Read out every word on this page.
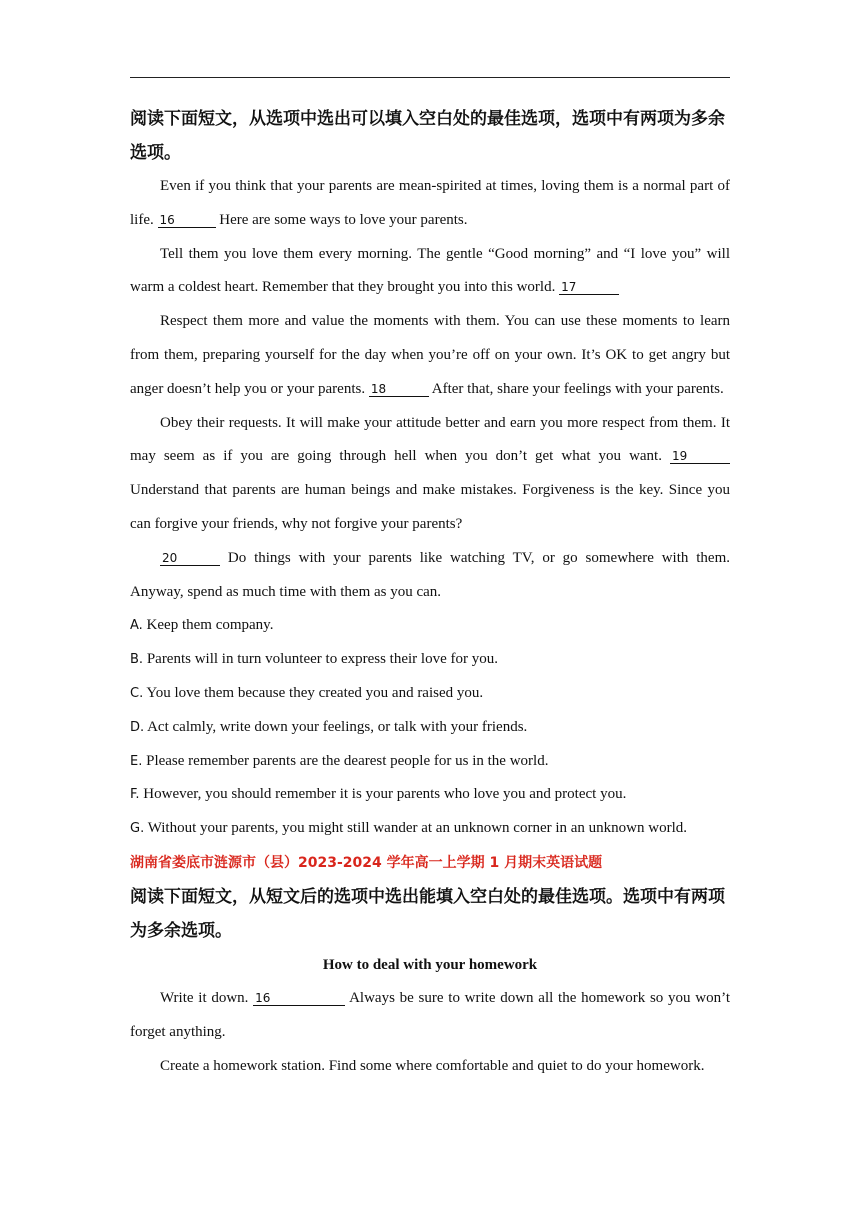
阅读下面短文，从选项中选出可以填入空白处的最佳选项，选项中有两项为多余选项。

Even if you think that your parents are mean-spirited at times, loving them is a normal part of life. 16	Here are some ways to love your parents.

Tell them you love them every morning. The gentle “Good morning” and “I love you” will warm a coldest heart. Remember that they brought you into this world. 17

Respect them more and value the moments with them. You can use these moments to learn from them, preparing yourself for the day when you’re off on your own. It’s OK to get angry but anger doesn’t help you or your parents. 18	After that, share your feelings with your parents.

Obey their requests. It will make your attitude better and earn you more respect from them. It may seem as if you are going through hell when you don’t get what you want. 19 Understand that parents are human beings and make mistakes. Forgiveness is the key. Since you can forgive your friends, why not forgive your parents?

20	Do things with your parents like watching TV, or go somewhere with them. Anyway, spend as much time with them as you can.

A. Keep them company.

B. Parents will in turn volunteer to express their love for you.

C. You love them because they created you and raised you.

D. Act calmly, write down your feelings, or talk with your friends.

E. Please remember parents are the dearest people for us in the world.

F. However, you should remember it is your parents who love you and protect you.

G. Without your parents, you might still wander at an unknown corner in an unknown world.

湖南省娄底市涟源市（县）2023-2024 学年高一上学期 1 月期末英语试题

阅读下面短文，从短文后的选项中选出能填入空白处的最佳选项。选项中有两项为多余选项。

How to deal with your homework

Write it down. 16	Always be sure to write down all the homework so you won’t forget anything.

Create a homework station. Find some where comfortable and quiet to do your homework.
